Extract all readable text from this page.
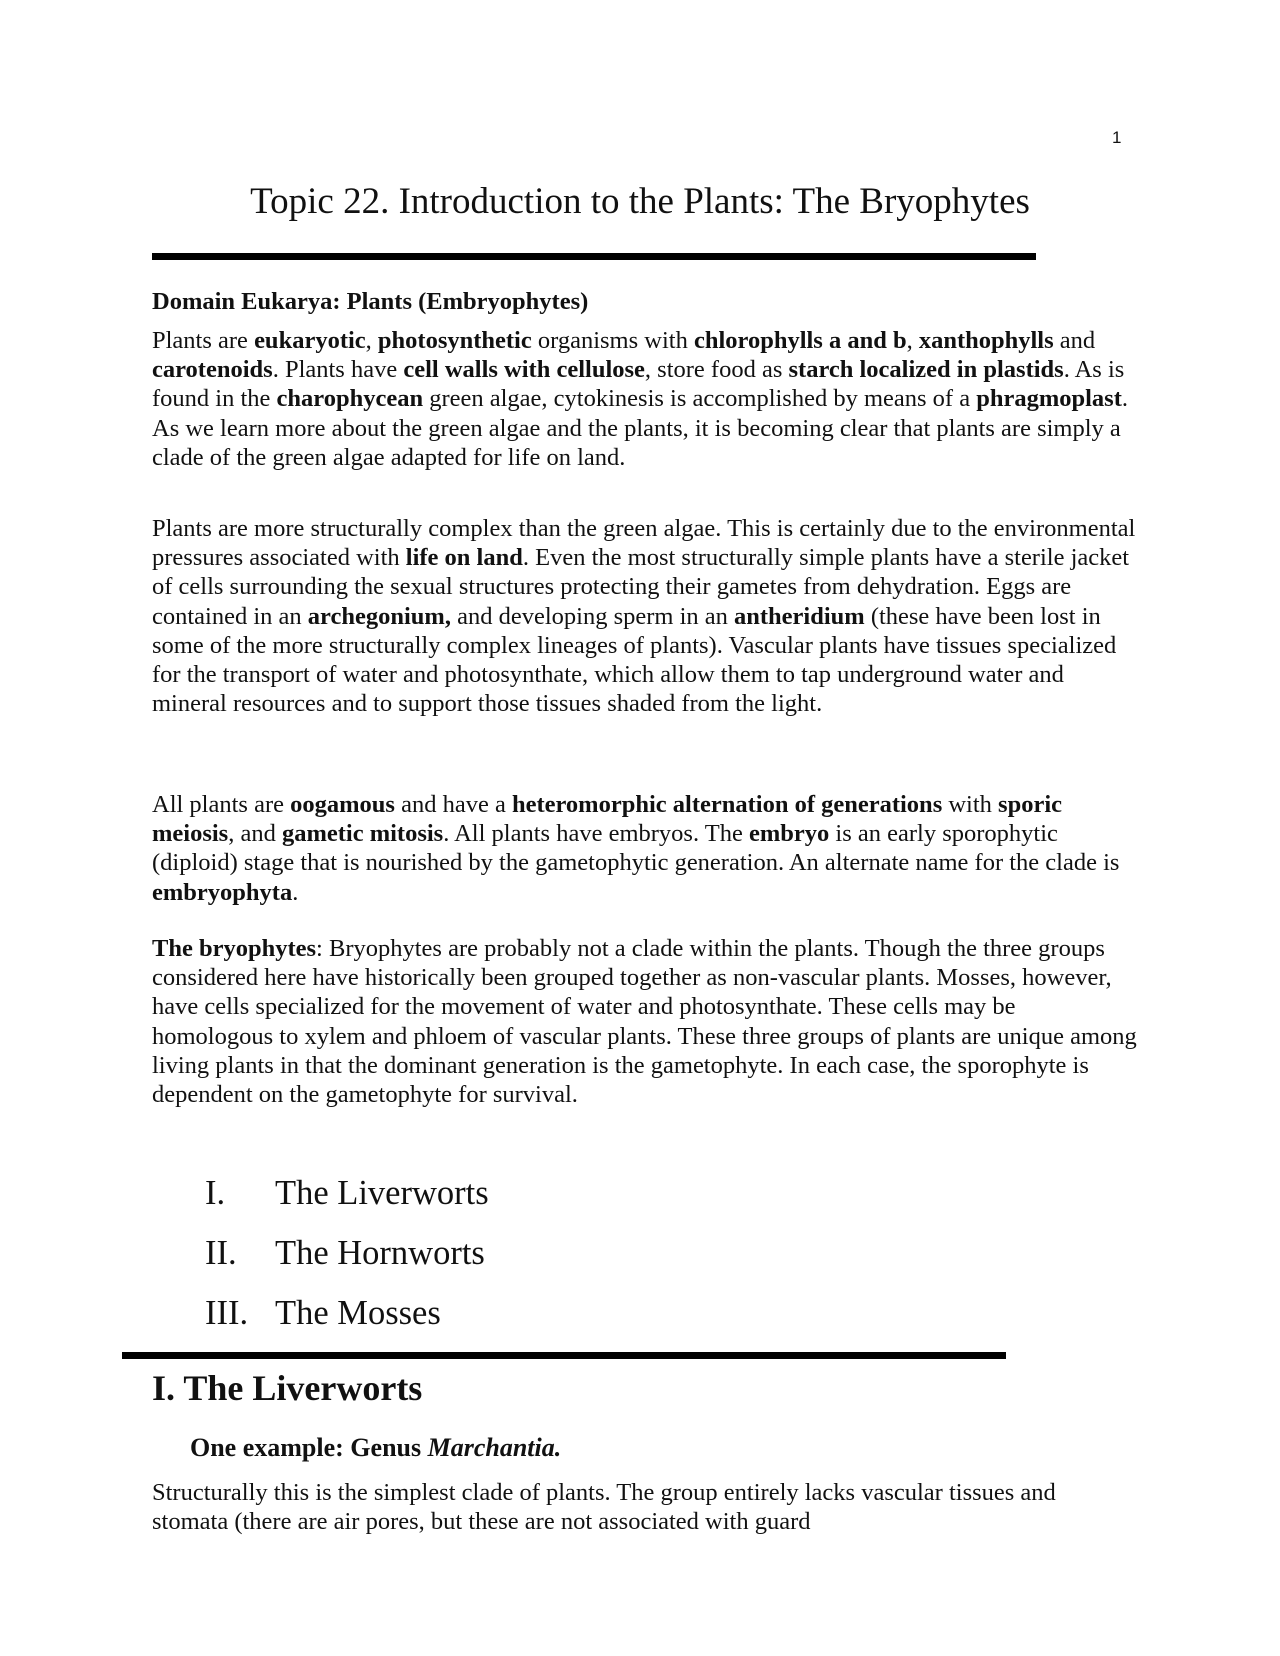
1
Topic 22. Introduction to the Plants: The Bryophytes
Domain Eukarya: Plants (Embryophytes)

Plants are eukaryotic, photosynthetic organisms with chlorophylls a and b, xanthophylls and carotenoids. Plants have cell walls with cellulose, store food as starch localized in plastids. As is found in the charophycean green algae, cytokinesis is accomplished by means of a phragmoplast. As we learn more about the green algae and the plants, it is becoming clear that plants are simply a clade of the green algae adapted for life on land.

Plants are more structurally complex than the green algae. This is certainly due to the environmental pressures associated with life on land. Even the most structurally simple plants have a sterile jacket of cells surrounding the sexual structures protecting their gametes from dehydration. Eggs are contained in an archegonium, and developing sperm in an antheridium (these have been lost in some of the more structurally complex lineages of plants). Vascular plants have tissues specialized for the transport of water and photosynthate, which allow them to tap underground water and mineral resources and to support those tissues shaded from the light.

All plants are oogamous and have a heteromorphic alternation of generations with sporic meiosis, and gametic mitosis. All plants have embryos. The embryo is an early sporophytic (diploid) stage that is nourished by the gametophytic generation. An alternate name for the clade is embryophyta.

The bryophytes: Bryophytes are probably not a clade within the plants. Though the three groups considered here have historically been grouped together as non-vascular plants. Mosses, however, have cells specialized for the movement of water and photosynthate. These cells may be homologous to xylem and phloem of vascular plants. These three groups of plants are unique among living plants in that the dominant generation is the gametophyte. In each case, the sporophyte is dependent on the gametophyte for survival.

I. The Liverworts
II. The Hornworts
III. The Mosses
I. The Liverworts
One example: Genus Marchantia.

Structurally this is the simplest clade of plants. The group entirely lacks vascular tissues and stomata (there are air pores, but these are not associated with guard
